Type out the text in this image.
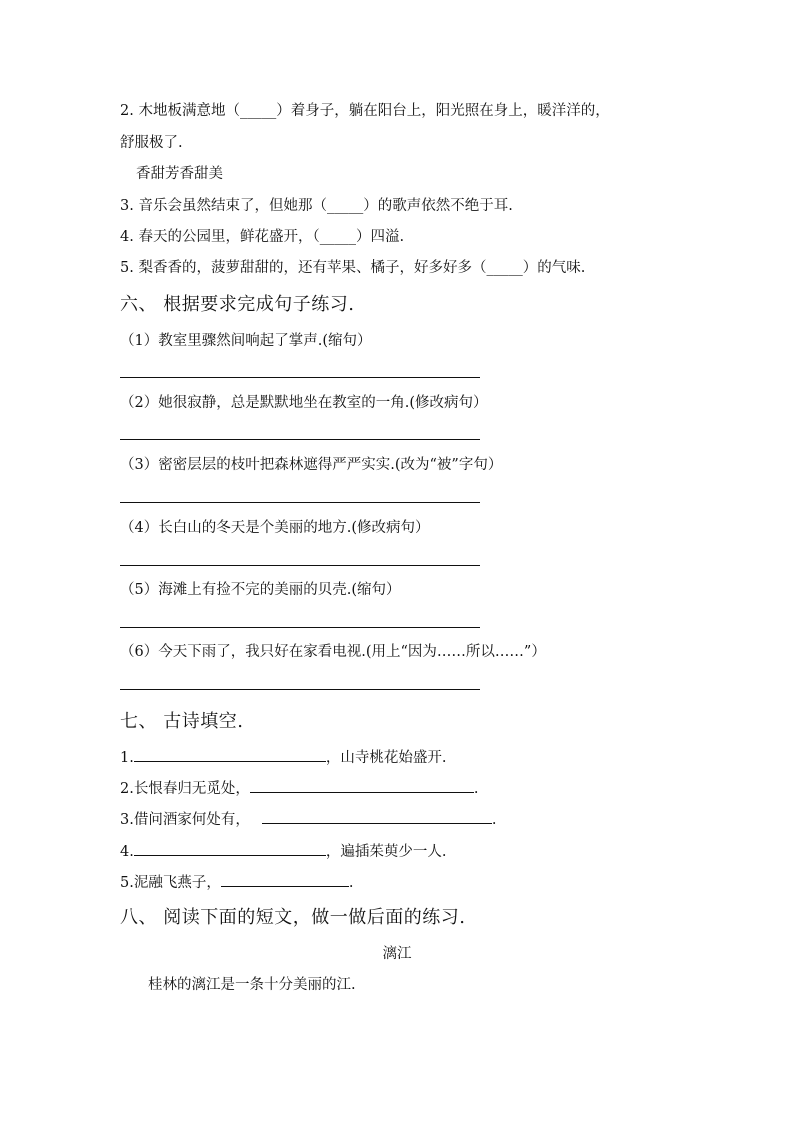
2. 木地板满意地（_____）着身子，躺在阳台上，阳光照在身上，暖洋洋的，
舒服极了.
香甜芳香甜美
3. 音乐会虽然结束了，但她那（_____）的歌声依然不绝于耳.
4. 春天的公园里，鲜花盛开，（_____）四溢.
5. 梨香香的，菠萝甜甜的，还有苹果、橘子，好多好多（_____）的气味.
六、 根据要求完成句子练习.
（1）教室里骤然间响起了掌声.(缩句）
（2）她很寂静，总是默默地坐在教室的一角.(修改病句）
（3）密密层层的枝叶把森林遮得严严实实.(改为“被”字句）
（4）长白山的冬天是个美丽的地方.(修改病句）
（5）海滩上有捡不完的美丽的贝壳.(缩句）
（6）今天下雨了，我只好在家看电视.(用上“因为……所以……”）
七、 古诗填空.
1.	，山寺桃花始盛开.
2.长恨春归无觅处，	.
3.借问酒家何处有，	.
4.	，遍插茱萸少一人.
5.泥融飞燕子，	.
八、 阅读下面的短文，做一做后面的练习.
漓江
桂林的漓江是一条十分美丽的江.
